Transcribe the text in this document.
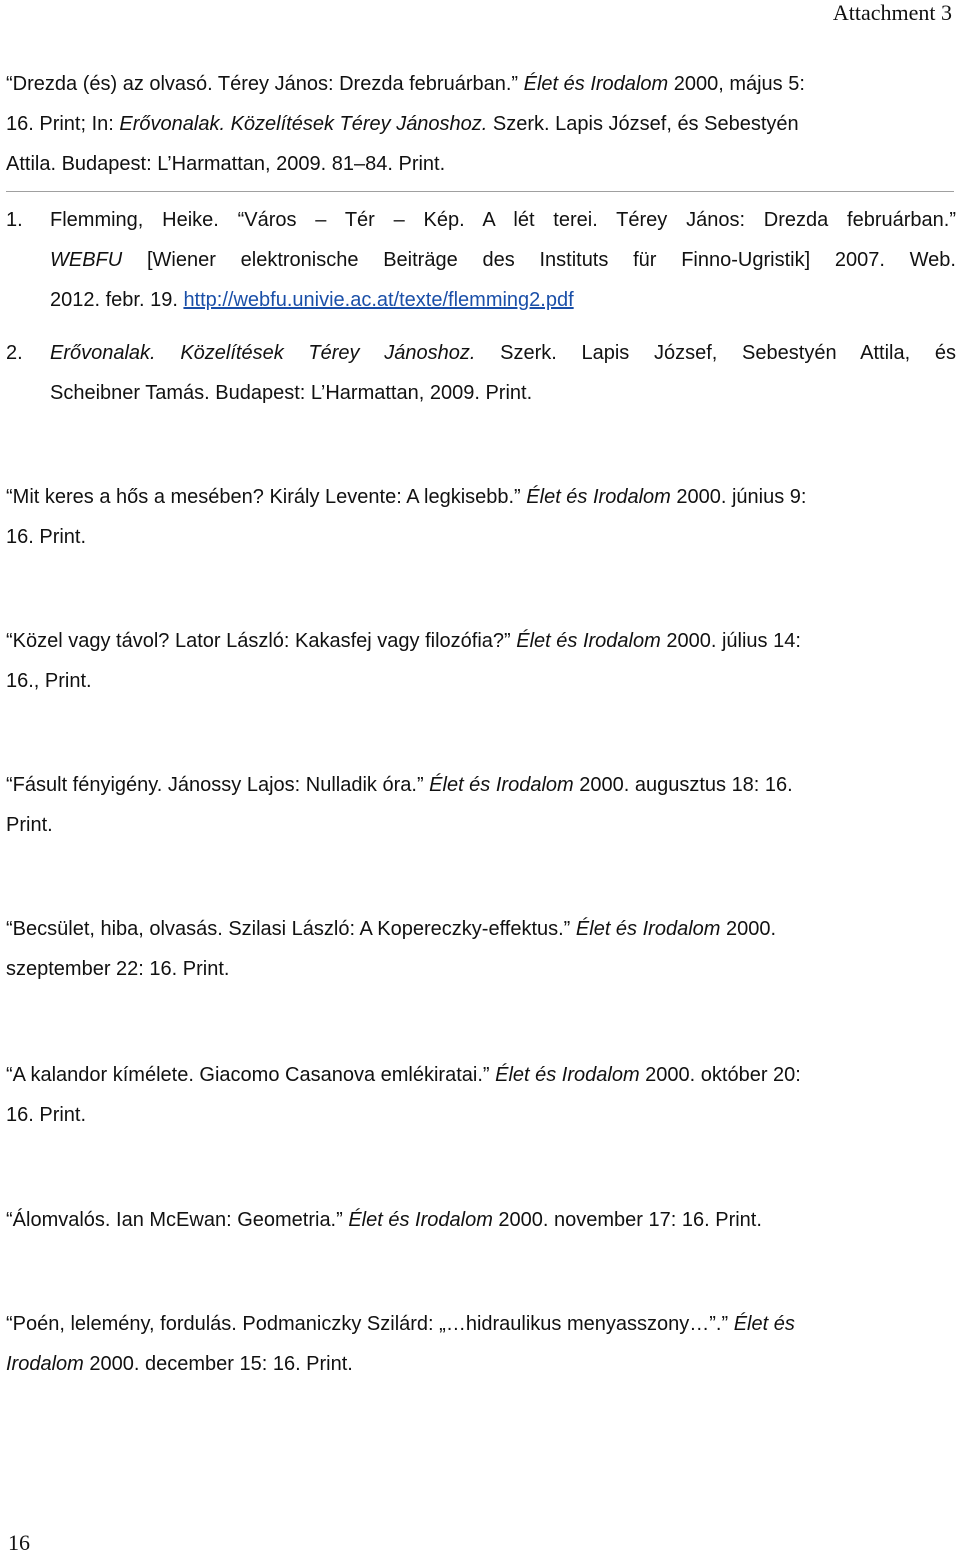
Attachment 3
“Drezda (és) az olvasó. Térey János: Drezda februárban.” Élet és Irodalom 2000, május 5:
16. Print; In: Erővonalak. Közelítések Térey Jánoshoz. Szerk. Lapis József, és Sebestyén
Attila. Budapest: L’Harmattan, 2009. 81–84. Print.
1. Flemming, Heike. “Város – Tér – Kép. A lét terei. Térey János: Drezda februárban.”
WEBFU [Wiener elektronische Beiträge des Instituts für Finno-Ugristik] 2007. Web.
2012. febr. 19. http://webfu.univie.ac.at/texte/flemming2.pdf
2. Erővonalak. Közelítések Térey Jánoshoz. Szerk. Lapis József, Sebestyén Attila, és
Scheibner Tamás. Budapest: L’Harmattan, 2009. Print.
“Mit keres a hős a mesében? Király Levente: A legkisebb.” Élet és Irodalom 2000. június 9:
16. Print.
“Közel vagy távol? Lator László: Kakasfej vagy filozófia?” Élet és Irodalom 2000. július 14:
16., Print.
“Fásult fényigény. Jánossy Lajos: Nulladik óra.” Élet és Irodalom 2000. augusztus 18: 16.
Print.
“Becsület, hiba, olvasás. Szilasi László: A Kopereczky-effektus.” Élet és Irodalom 2000.
szeptember 22: 16. Print.
“A kalandor kímélete. Giacomo Casanova emlékiratai.” Élet és Irodalom 2000. október 20:
16. Print.
“Álomvalós. Ian McEwan: Geometria.” Élet és Irodalom 2000. november 17: 16. Print.
“Poén, lelemény, fordulás. Podmaniczky Szilárd: „…hidraulikus menyasszony…”.” Élet és
Irodalom 2000. december 15: 16. Print.
16
